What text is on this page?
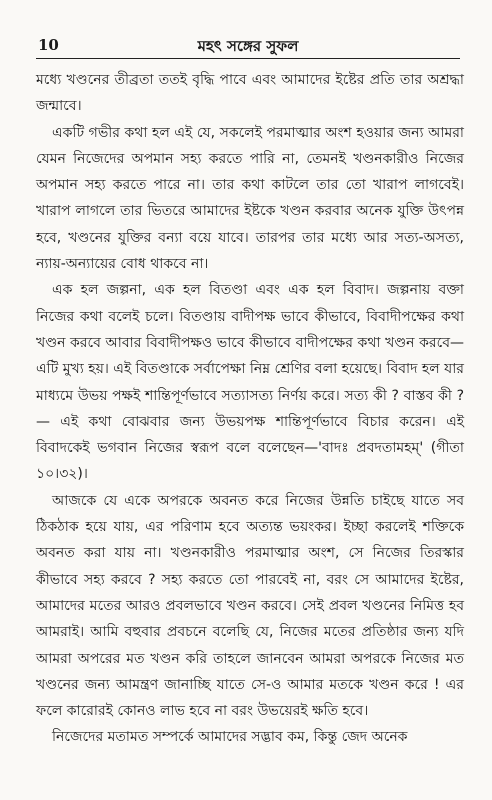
10	মহৎ সঙ্গের সুফল

মধ্যে খণ্ডনের তীব্রতা ততই বৃদ্ধি পাবে এবং আমাদের ইষ্টের প্রতি তার অশ্রদ্ধা জন্মাবে।

একটি গভীর কথা হল এই যে, সকলেই পরমাত্মার অংশ হওয়ার জন্য আমরা যেমন নিজেদের অপমান সহ্য করতে পারি না, তেমনই খণ্ডনকারীও নিজের অপমান সহ্য করতে পারে না। তার কথা কাটলে তার তো খারাপ লাগবেই। খারাপ লাগলে তার ভিতরে আমাদের ইষ্টকে খণ্ডন করবার অনেক যুক্তি উৎপন্ন হবে, খণ্ডনের যুক্তির বন্যা বয়ে যাবে। তারপর তার মধ্যে আর সত্য-অসত্য, ন্যায়-অন্যায়ের বোধ থাকবে না।

এক হল জল্পনা, এক হল বিতণ্ডা এবং এক হল বিবাদ। জল্পনায় বক্তা নিজের কথা বলেই চলে। বিতণ্ডায় বাদীপক্ষ ভাবে কীভাবে, বিবাদীপক্ষের কথা খণ্ডন করবে আবার বিবাদীপক্ষও ভাবে কীভাবে বাদীপক্ষের কথা খণ্ডন করবে—এটি মুখ্য হয়। এই বিতণ্ডাকে সর্বাপেক্ষা নিম্ন শ্রেণির বলা হয়েছে। বিবাদ হল যার মাধ্যমে উভয় পক্ষই শান্তিপূর্ণভাবে সত্যাসত্য নির্ণয় করে। সত্য কী ? বাস্তব কী ?— এই কথা বোঝবার জন্য উভয়পক্ষ শান্তিপূর্ণভাবে বিচার করেন। এই বিবাদকেই ভগবান নিজের স্বরূপ বলে বলেছেন—'বাদঃ প্রবদতামহম্' (গীতা ১০।৩২)।

আজকে যে একে অপরকে অবনত করে নিজের উন্নতি চাইছে যাতে সব ঠিকঠাক হয়ে যায়, এর পরিণাম হবে অত্যন্ত ভয়ংকর। ইচ্ছা করলেই শক্তিকে অবনত করা যায় না। খণ্ডনকারীও পরমাত্মার অংশ, সে নিজের তিরস্কার কীভাবে সহ্য করবে ? সহ্য করতে তো পারবেই না, বরং সে আমাদের ইষ্টের, আমাদের মতের আরও প্রবলভাবে খণ্ডন করবে। সেই প্রবল খণ্ডনের নিমিত্ত হব আমরাই। আমি বহুবার প্রবচনে বলেছি যে, নিজের মতের প্রতিষ্ঠার জন্য যদি আমরা অপরের মত খণ্ডন করি তাহলে জানবেন আমরা অপরকে নিজের মত খণ্ডনের জন্য আমন্ত্রণ জানাচ্ছি যাতে সে-ও আমার মতকে খণ্ডন করে ! এর ফলে কারোরই কোনও লাভ হবে না বরং উভয়েরই ক্ষতি হবে।

নিজেদের মতামত সম্পর্কে আমাদের সদ্ভাব কম, কিন্তু জেদ অনেক
